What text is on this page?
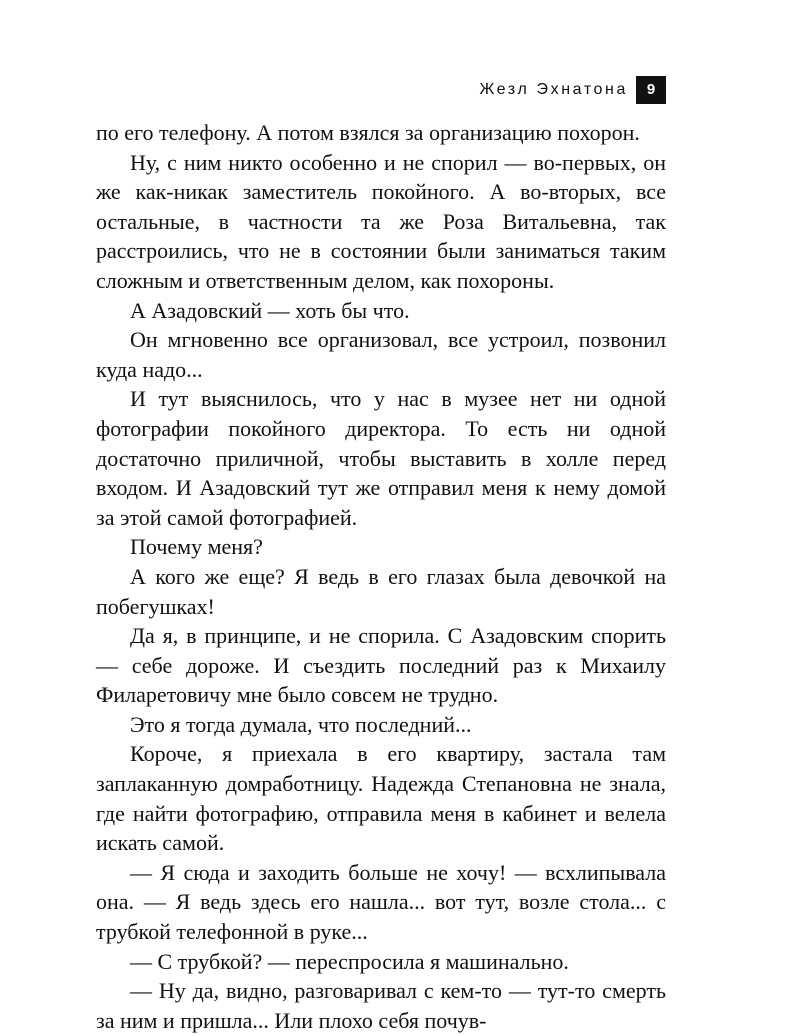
Жезл Эхнатона	9

по его телефону. А потом взялся за организацию похорон.

Ну, с ним никто особенно и не спорил — во-первых, он же как-никак заместитель покойного. А во-вторых, все остальные, в частности та же Роза Витальевна, так расстроились, что не в состоянии были заниматься таким сложным и ответственным делом, как похороны.

А Азадовский — хоть бы что.

Он мгновенно все организовал, все устроил, позвонил куда надо...

И тут выяснилось, что у нас в музее нет ни одной фотографии покойного директора. То есть ни одной достаточно приличной, чтобы выставить в холле перед входом. И Азадовский тут же отправил меня к нему домой за этой самой фотографией.

Почему меня?

А кого же еще? Я ведь в его глазах была девочкой на побегушках!

Да я, в принципе, и не спорила. С Азадовским спорить — себе дороже. И съездить последний раз к Михаилу Филаретовичу мне было совсем не трудно.

Это я тогда думала, что последний...

Короче, я приехала в его квартиру, застала там заплаканную домработницу. Надежда Степановна не знала, где найти фотографию, отправила меня в кабинет и велела искать самой.

— Я сюда и заходить больше не хочу! — всхлипывала она. — Я ведь здесь его нашла... вот тут, возле стола... с трубкой телефонной в руке...

— С трубкой? — переспросила я машинально.

— Ну да, видно, разговаривал с кем-то — тут-то смерть за ним и пришла... Или плохо себя почув-
